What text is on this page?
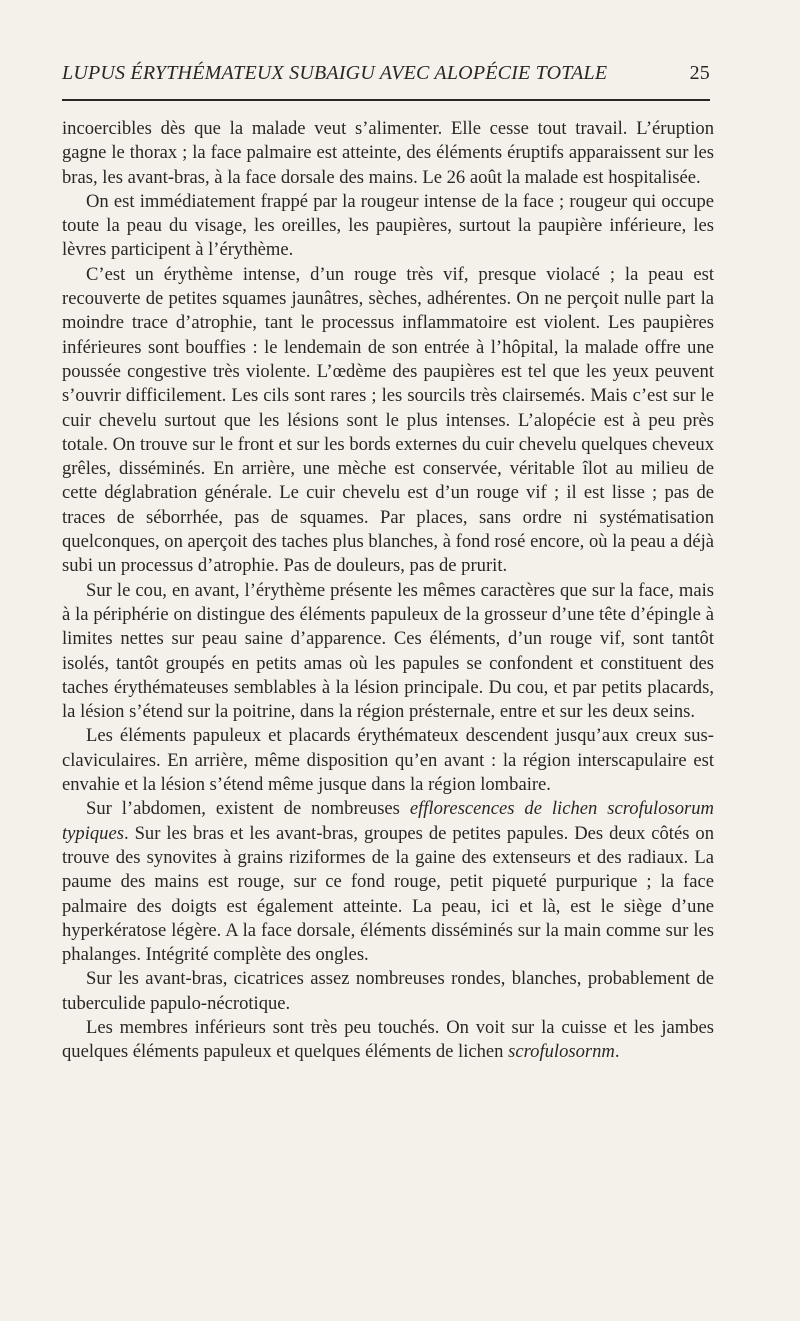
LUPUS ÉRYTHÉMATEUX SUBAIGU AVEC ALOPÉCIE TOTALE	25

incoercibles dès que la malade veut s’alimenter. Elle cesse tout travail. L’éruption gagne le thorax ; la face palmaire est atteinte, des éléments éruptifs apparaissent sur les bras, les avant-bras, à la face dorsale des mains. Le 26 août la malade est hospitalisée.

On est immédiatement frappé par la rougeur intense de la face ; rougeur qui occupe toute la peau du visage, les oreilles, les paupières, surtout la paupière inférieure, les lèvres participent à l’érythème.

C’est un érythème intense, d’un rouge très vif, presque violacé ; la peau est recouverte de petites squames jaunâtres, sèches, adhérentes. On ne perçoit nulle part la moindre trace d’atrophie, tant le processus inflammatoire est violent. Les paupières inférieures sont bouffies : le lendemain de son entrée à l’hôpital, la malade offre une poussée congestive très violente. L’œdème des paupières est tel que les yeux peuvent s’ouvrir difficilement. Les cils sont rares ; les sourcils très clairsemés. Mais c’est sur le cuir chevelu surtout que les lésions sont le plus intenses. L’alopécie est à peu près totale. On trouve sur le front et sur les bords externes du cuir chevelu quelques cheveux grêles, disséminés. En arrière, une mèche est conservée, véritable îlot au milieu de cette déglabration générale. Le cuir chevelu est d’un rouge vif ; il est lisse ; pas de traces de séborrhée, pas de squames. Par places, sans ordre ni systématisation quelconques, on aperçoit des taches plus blanches, à fond rosé encore, où la peau a déjà subi un processus d’atrophie. Pas de douleurs, pas de prurit.

Sur le cou, en avant, l’érythème présente les mêmes caractères que sur la face, mais à la périphérie on distingue des éléments papuleux de la grosseur d’une tête d’épingle à limites nettes sur peau saine d’apparence. Ces éléments, d’un rouge vif, sont tantôt isolés, tantôt groupés en petits amas où les papules se confondent et constituent des taches érythémateuses semblables à la lésion principale. Du cou, et par petits placards, la lésion s’étend sur la poitrine, dans la région présternale, entre et sur les deux seins.

Les éléments papuleux et placards érythémateux descendent jusqu’aux creux sus-claviculaires. En arrière, même disposition qu’en avant : la région interscapulaire est envahie et la lésion s’étend même jusque dans la région lombaire.

Sur l’abdomen, existent de nombreuses efflorescences de lichen scrofulosorum typiques. Sur les bras et les avant-bras, groupes de petites papules. Des deux côtés on trouve des synovites à grains riziformes de la gaine des extenseurs et des radiaux. La paume des mains est rouge, sur ce fond rouge, petit piqueté purpurique ; la face palmaire des doigts est également atteinte. La peau, ici et là, est le siège d’une hyperkératose légère. A la face dorsale, éléments disséminés sur la main comme sur les phalanges. Intégrité complète des ongles.

Sur les avant-bras, cicatrices assez nombreuses rondes, blanches, probablement de tuberculide papulo-nécrotique.

Les membres inférieurs sont très peu touchés. On voit sur la cuisse et les jambes quelques éléments papuleux et quelques éléments de lichen scrofulosornm.
